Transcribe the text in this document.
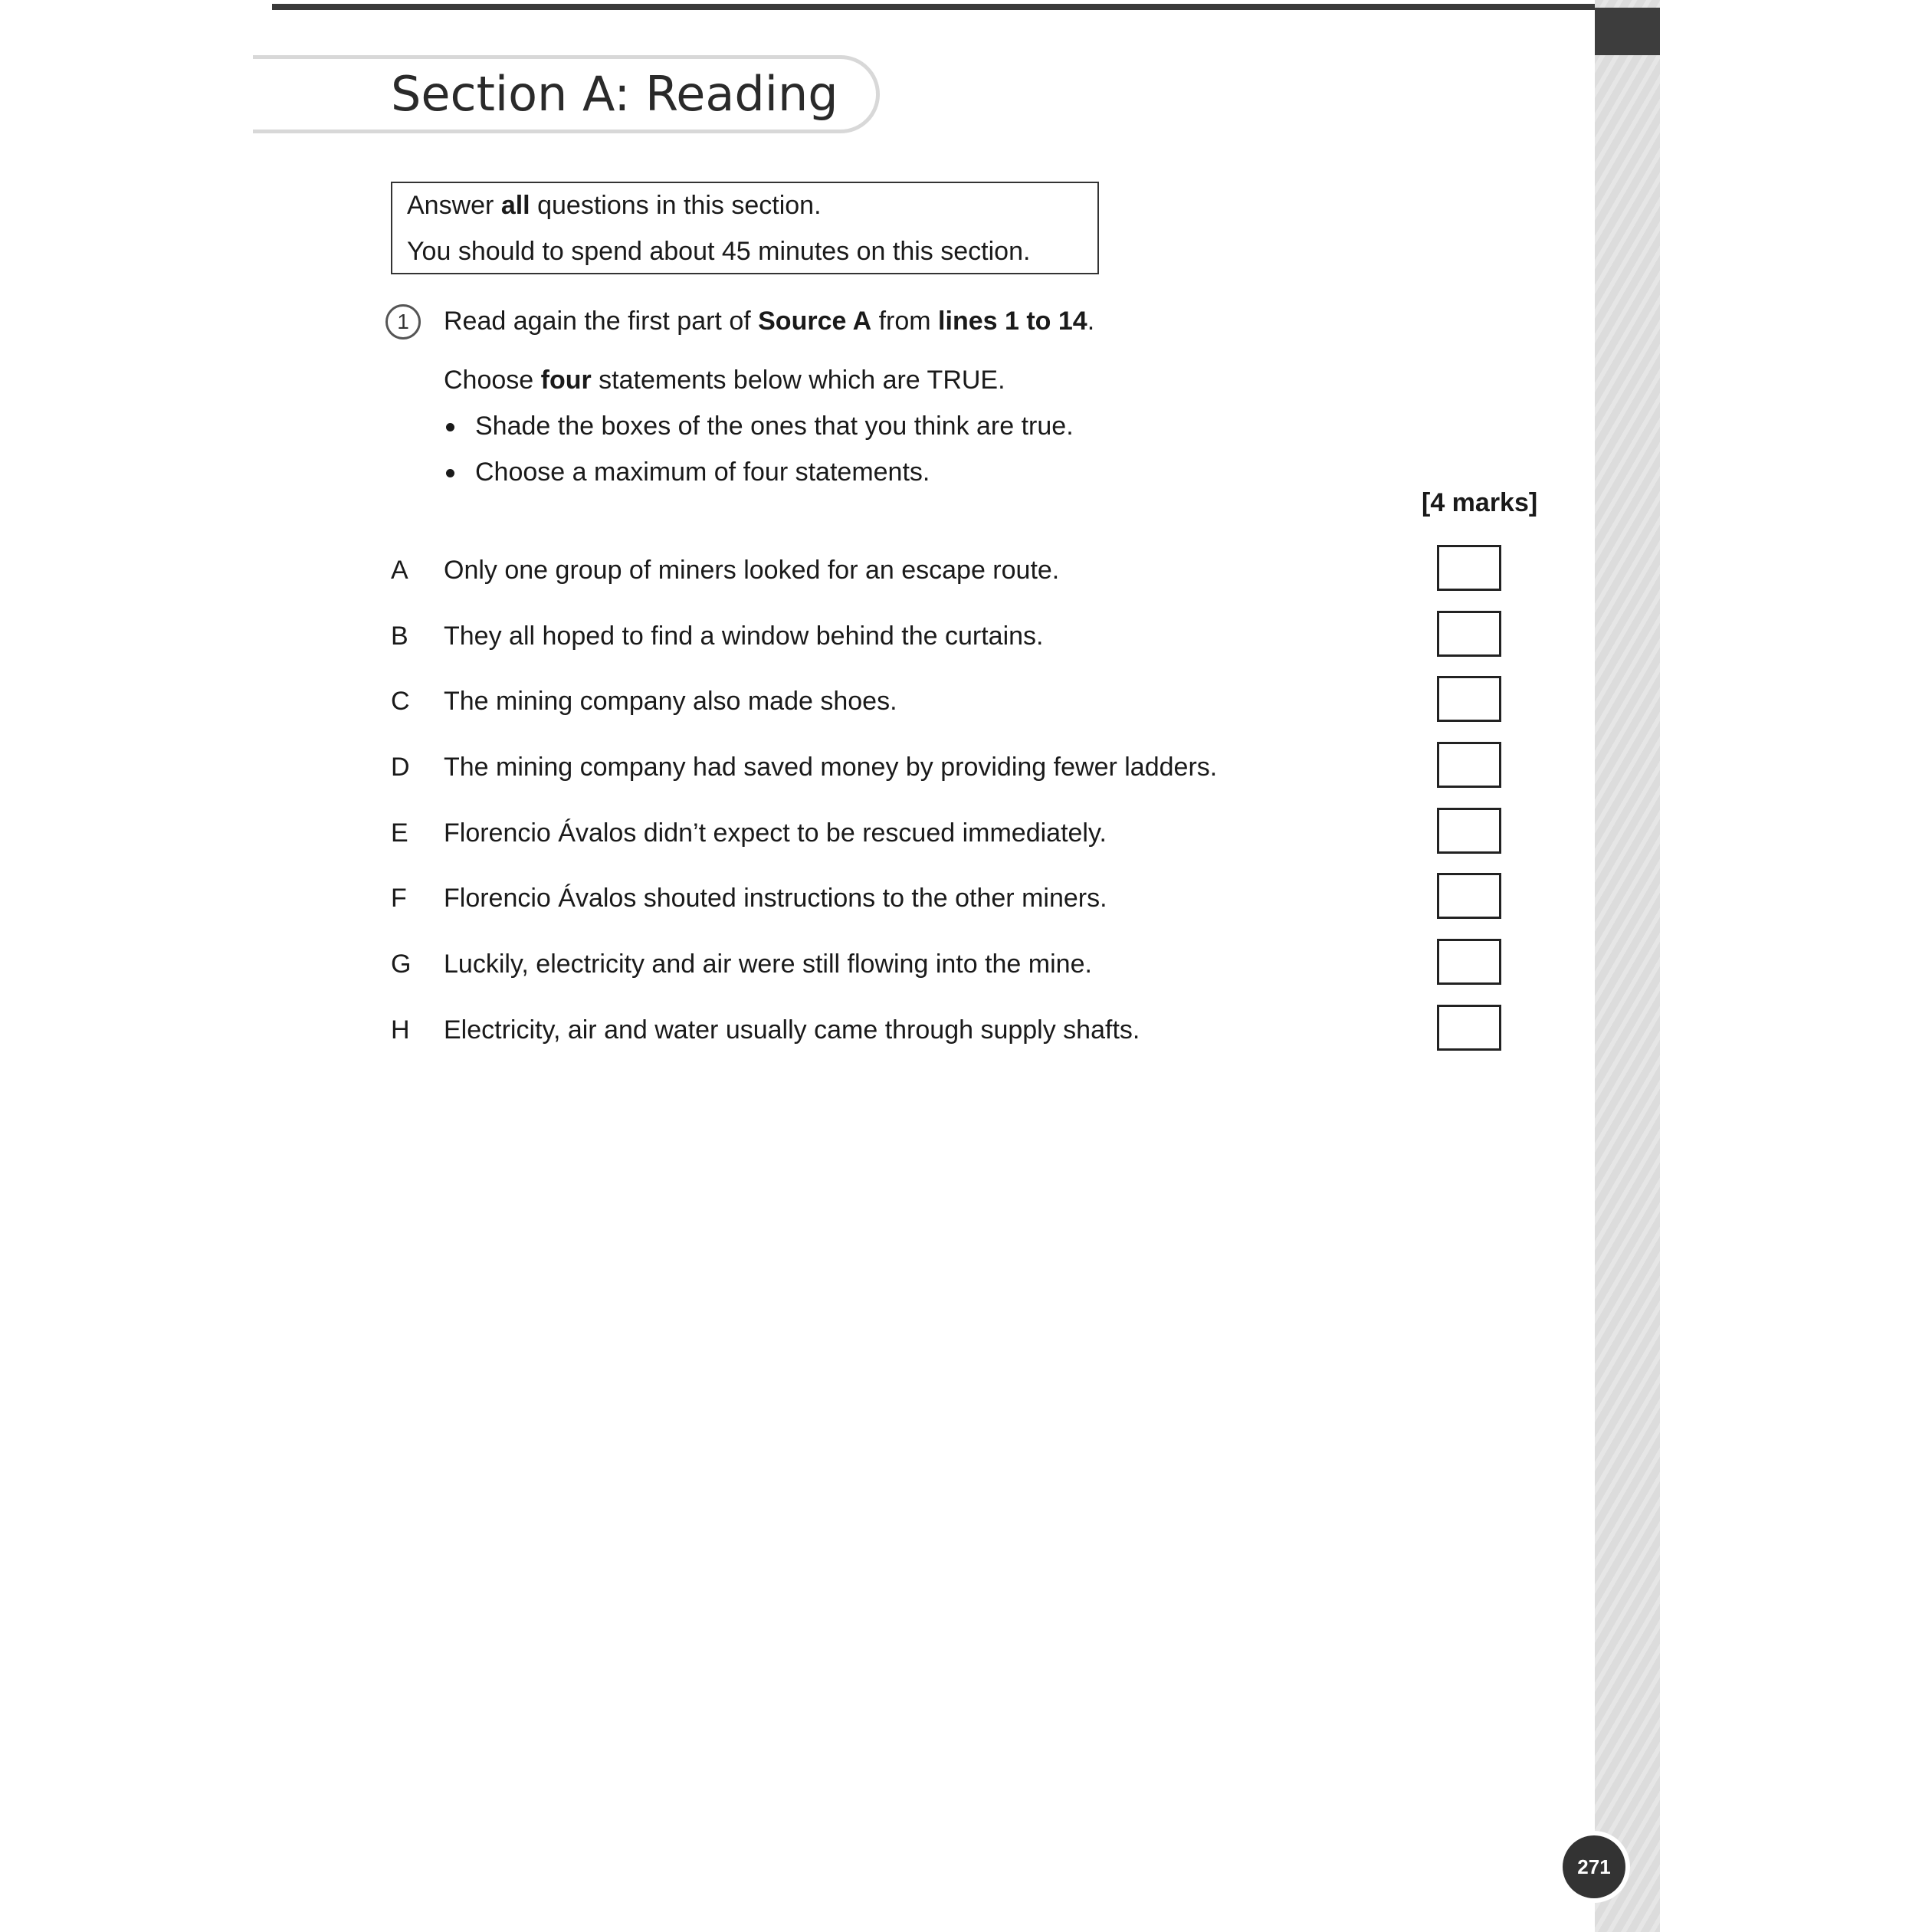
Section A: Reading
Answer all questions in this section.
You should to spend about 45 minutes on this section.
1	Read again the first part of Source A from lines 1 to 14.
Choose four statements below which are TRUE.
Shade the boxes of the ones that you think are true.
Choose a maximum of four statements.
[4 marks]
A Only one group of miners looked for an escape route.
B They all hoped to find a window behind the curtains.
C The mining company also made shoes.
D The mining company had saved money by providing fewer ladders.
E Florencio Ávalos didn’t expect to be rescued immediately.
F Florencio Ávalos shouted instructions to the other miners.
G Luckily, electricity and air were still flowing into the mine.
H Electricity, air and water usually came through supply shafts.
271
